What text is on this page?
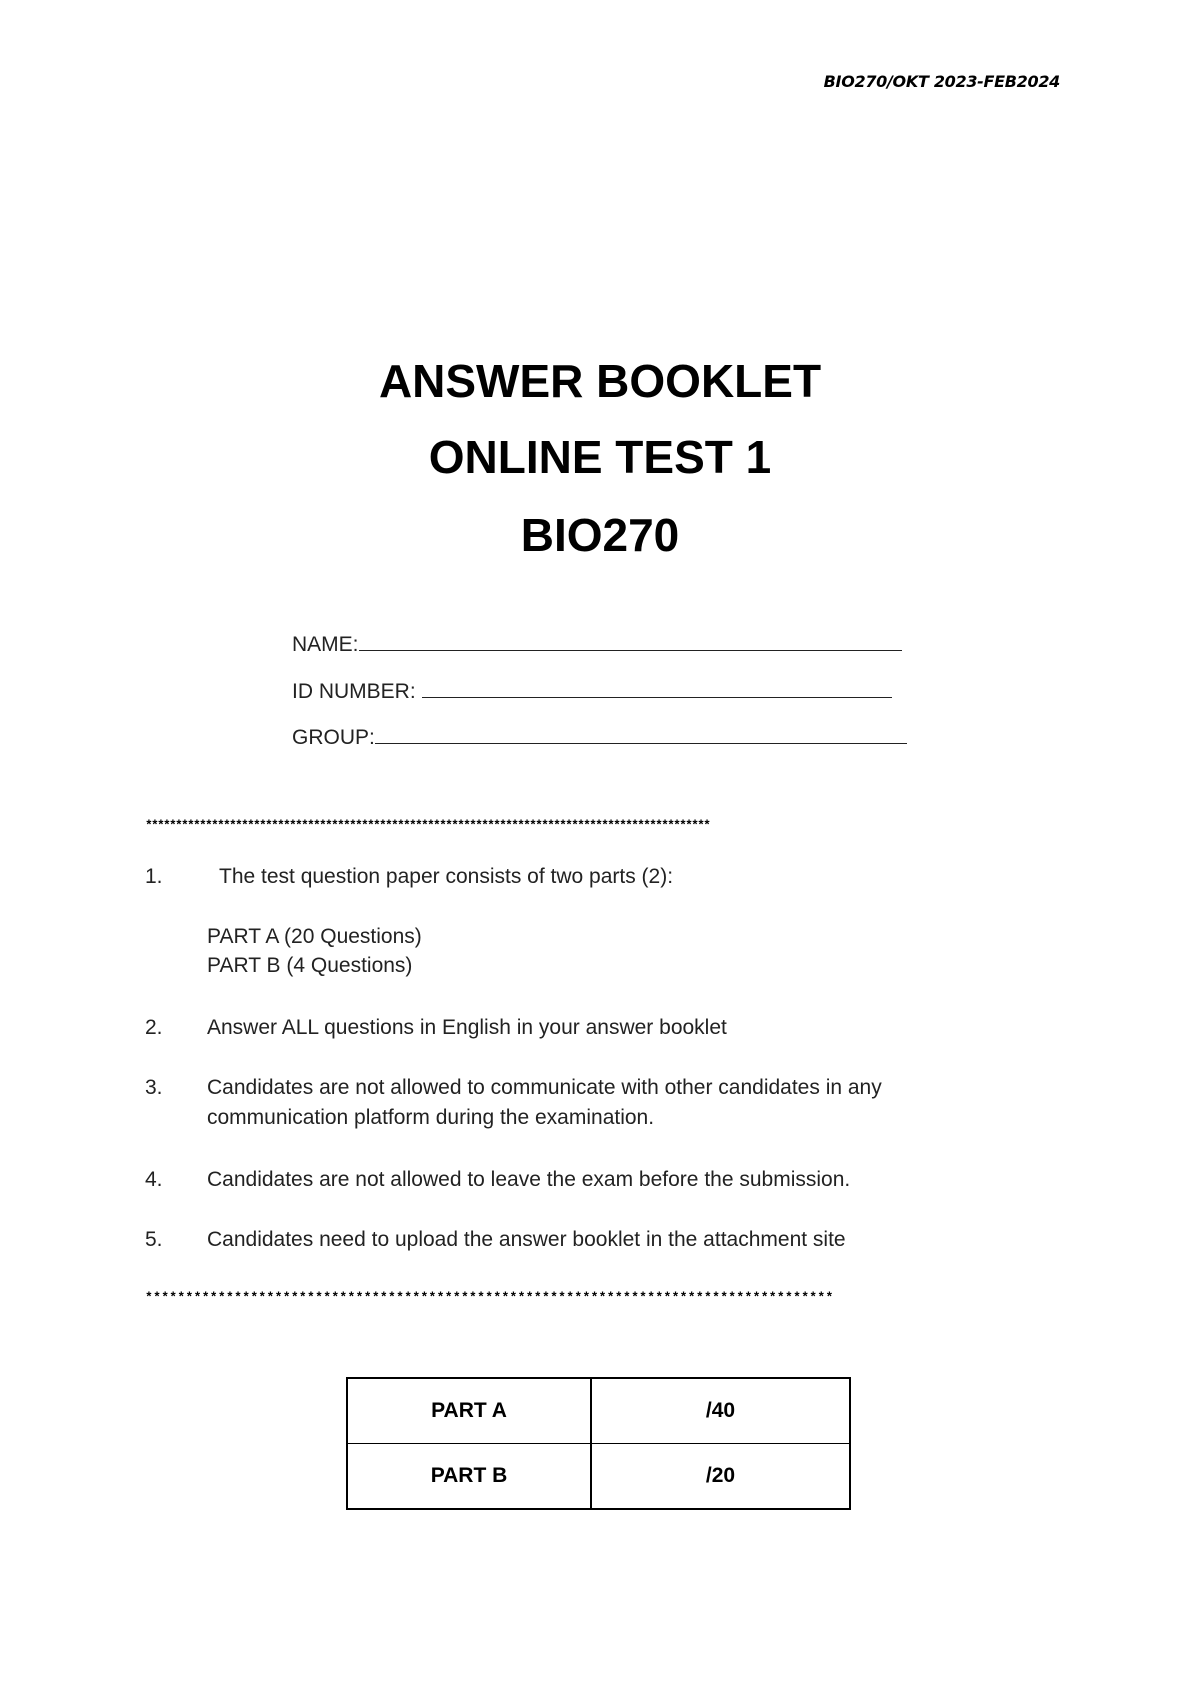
BIO270/OKT 2023-FEB2024
ANSWER BOOKLET
ONLINE TEST 1
BIO270
NAME:
ID NUMBER:
GROUP:
**********************************************************************************************
1.	The test question paper consists of two parts (2):
PART A (20 Questions)
PART B (4 Questions)
2. Answer ALL questions in English in your answer booklet
3. Candidates are not allowed to communicate with other candidates in any
communication platform during the examination.
4. Candidates are not allowed to leave the exam before the submission.
5. Candidates need to upload the answer booklet in the attachment site
*************************************************************************************
PART A	/40
PART B	/20
